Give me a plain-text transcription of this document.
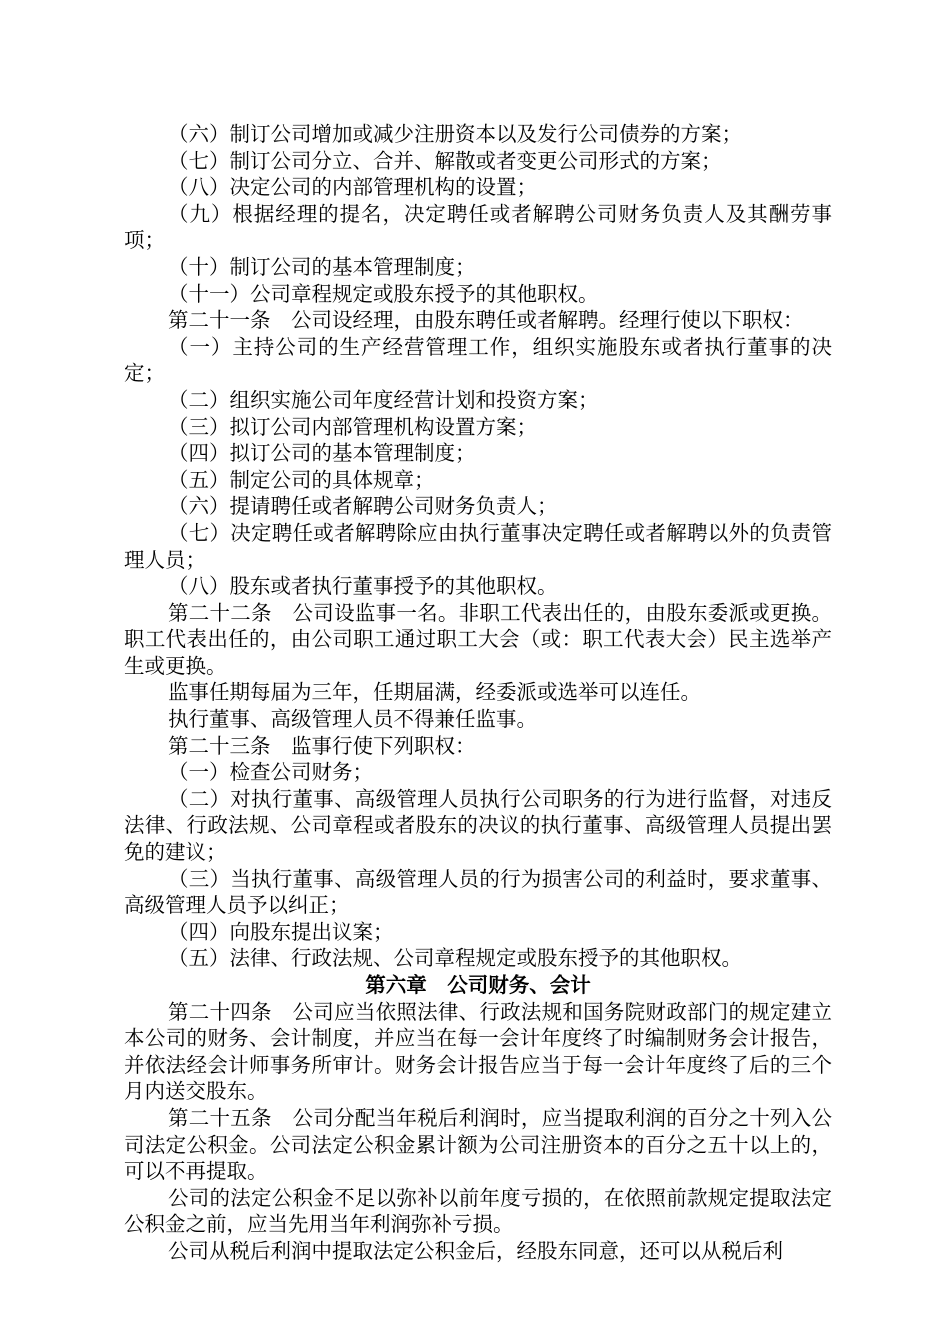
（六）制订公司增加或减少注册资本以及发行公司债券的方案；

（七）制订公司分立、合并、解散或者变更公司形式的方案；

（八）决定公司的内部管理机构的设置；

（九）根据经理的提名，决定聘任或者解聘公司财务负责人及其酬劳事项；

（十）制订公司的基本管理制度；

（十一）公司章程规定或股东授予的其他职权。

第二十一条　公司设经理，由股东聘任或者解聘。经理行使以下职权：

（一）主持公司的生产经营管理工作，组织实施股东或者执行董事的决定；

（二）组织实施公司年度经营计划和投资方案；

（三）拟订公司内部管理机构设置方案；

（四）拟订公司的基本管理制度；

（五）制定公司的具体规章；

（六）提请聘任或者解聘公司财务负责人；

（七）决定聘任或者解聘除应由执行董事决定聘任或者解聘以外的负责管理人员；

（八）股东或者执行董事授予的其他职权。

第二十二条　公司设监事一名。非职工代表出任的，由股东委派或更换。职工代表出任的，由公司职工通过职工大会（或：职工代表大会）民主选举产生或更换。

监事任期每届为三年，任期届满，经委派或选举可以连任。

执行董事、高级管理人员不得兼任监事。

第二十三条　监事行使下列职权：

（一）检查公司财务；

（二）对执行董事、高级管理人员执行公司职务的行为进行监督，对违反法律、行政法规、公司章程或者股东的决议的执行董事、高级管理人员提出罢免的建议；

（三）当执行董事、高级管理人员的行为损害公司的利益时，要求董事、高级管理人员予以纠正；

（四）向股东提出议案；

（五）法律、行政法规、公司章程规定或股东授予的其他职权。

第六章　公司财务、会计

第二十四条　公司应当依照法律、行政法规和国务院财政部门的规定建立本公司的财务、会计制度，并应当在每一会计年度终了时编制财务会计报告，并依法经会计师事务所审计。财务会计报告应当于每一会计年度终了后的三个月内送交股东。

第二十五条　公司分配当年税后利润时，应当提取利润的百分之十列入公司法定公积金。公司法定公积金累计额为公司注册资本的百分之五十以上的，可以不再提取。

公司的法定公积金不足以弥补以前年度亏损的，在依照前款规定提取法定公积金之前，应当先用当年利润弥补亏损。

公司从税后利润中提取法定公积金后，经股东同意，还可以从税后利
